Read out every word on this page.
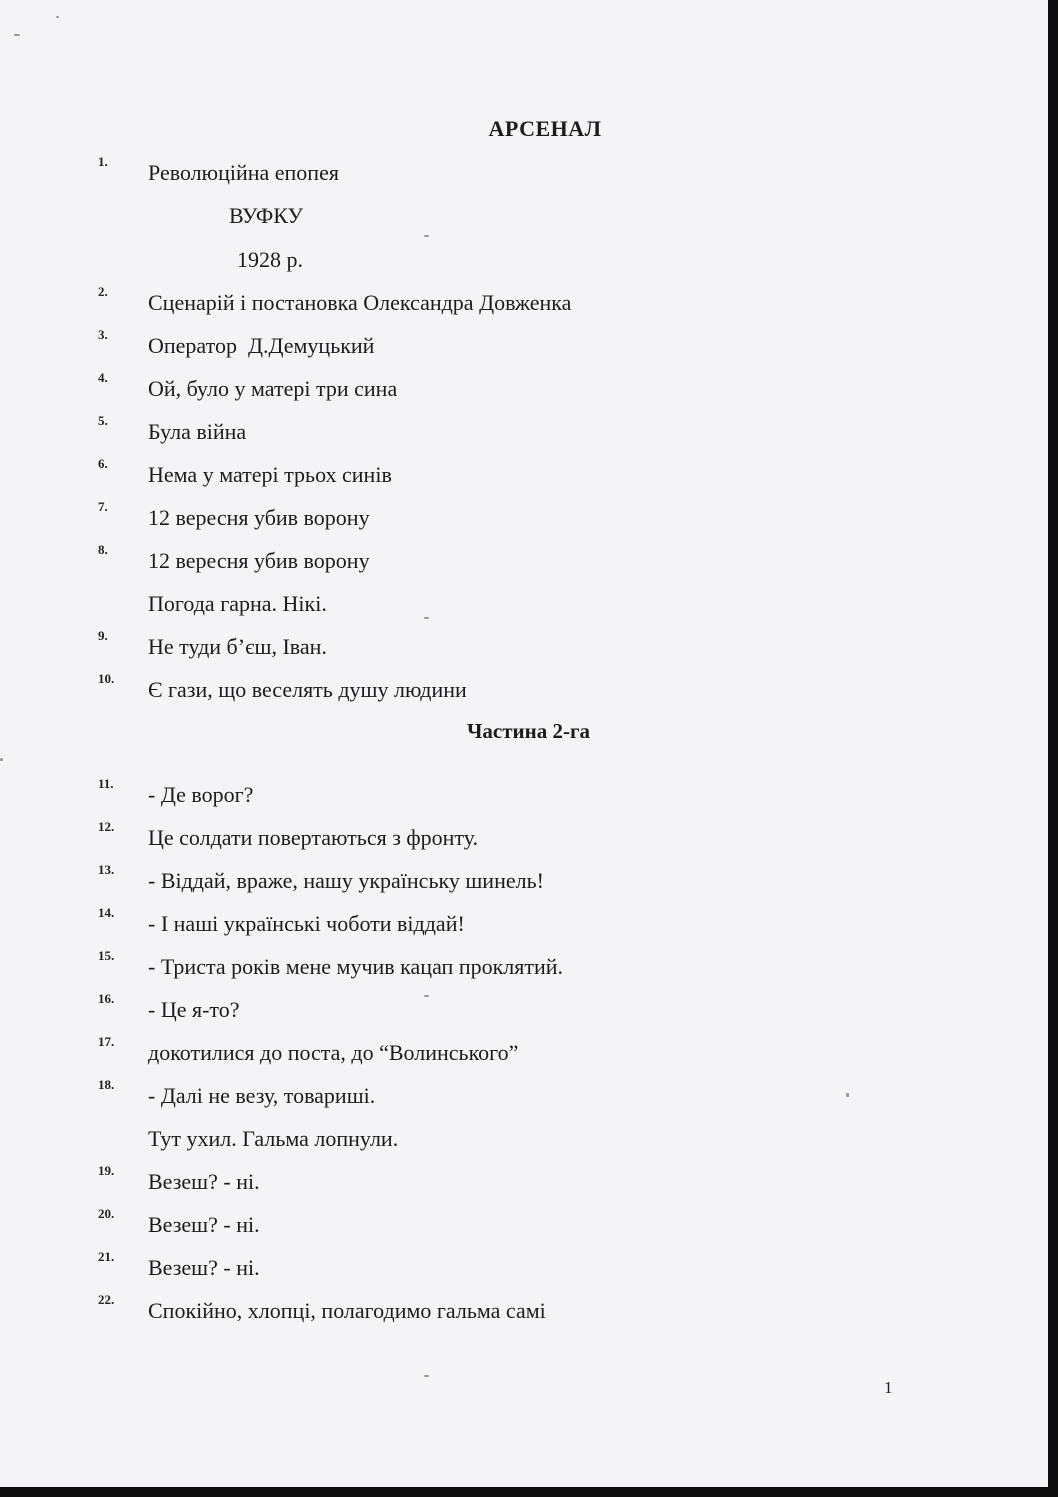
АРСЕНАЛ
1. Революційна епопея
ВУФКУ
1928 р.
2. Сценарій і постановка Олександра Довженка
3. Оператор  Д.Демуцький
4. Ой, було у матері три сина
5. Була війна
6. Нема у матері трьох синів
7. 12 вересня убив ворону
8. 12 вересня убив ворону
Погода гарна. Нікі.
9. Не туди б’єш, Іван.
10. Є гази, що веселять душу людини
Частина 2-га
11. - Де ворог?
12. Це солдати повертаються з фронту.
13. - Віддай, враже, нашу українську шинель!
14. - І наші українські чоботи віддай!
15. - Триста років мене мучив кацап проклятий.
16. - Це я-то?
17. докотилися до поста, до “Волинського”
18. - Далі не везу, товариші.
Тут ухил. Гальма лопнули.
19. Везеш? - ні.
20. Везеш? - ні.
21. Везеш? - ні.
22. Спокійно, хлопці, полагодимо гальма самі
1
